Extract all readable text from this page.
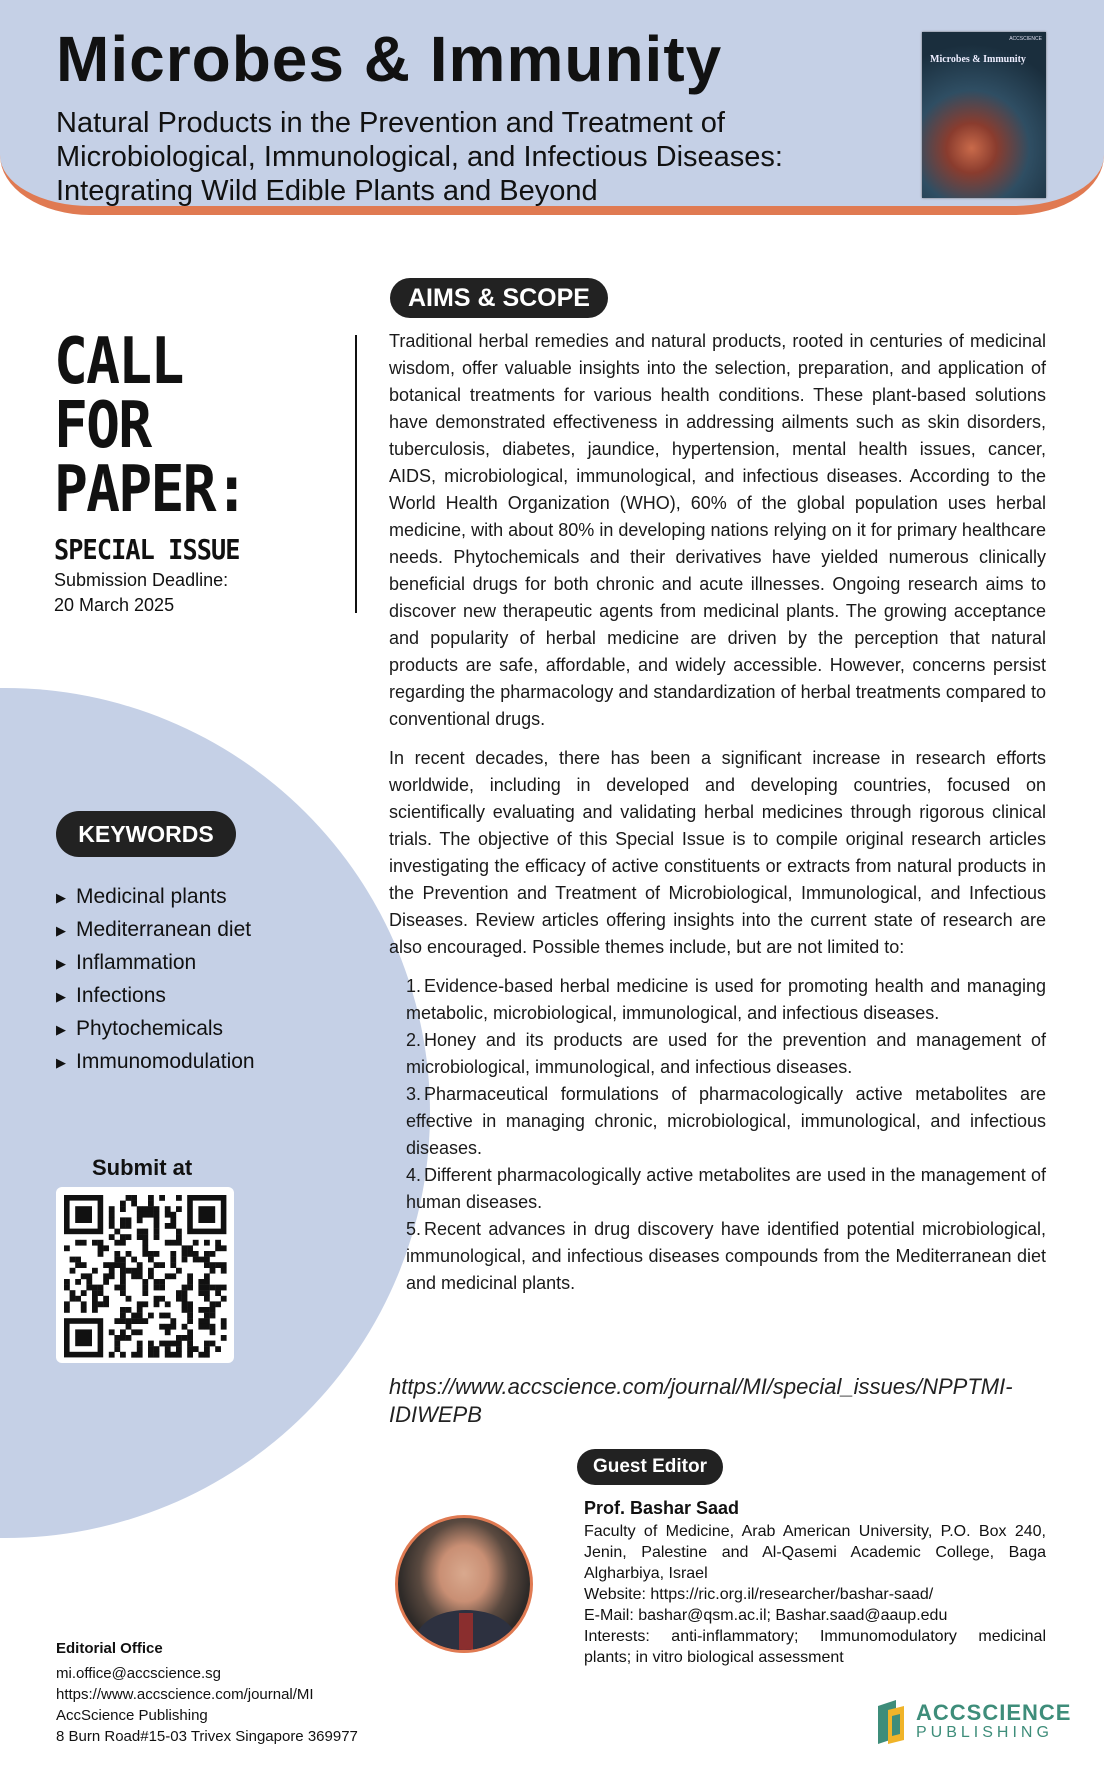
Microbes & Immunity
Natural Products in the Prevention and Treatment of Microbiological, Immunological, and Infectious Diseases: Integrating Wild Edible Plants and Beyond
ACCSCIENCE
Microbes & Immunity
CALL
FOR
PAPER:
SPECIAL ISSUE
Submission Deadline:
20 March 2025
KEYWORDS
▶ Medicinal plants
▶ Mediterranean diet
▶ Inflammation
▶ Infections
▶ Phytochemicals
▶ Immunomodulation
Submit at
AIMS & SCOPE

Traditional herbal remedies and natural products, rooted in centuries of medicinal wisdom, offer valuable insights into the selection, preparation, and application of botanical treatments for various health conditions. These plant-based solutions have demonstrated effectiveness in addressing ailments such as skin disorders, tuberculosis, diabetes, jaundice, hypertension, mental health issues, cancer, AIDS, microbiological, immunological, and infectious diseases. According to the World Health Organization (WHO), 60% of the global population uses herbal medicine, with about 80% in developing nations relying on it for primary healthcare needs. Phytochemicals and their derivatives have yielded numerous clinically beneficial drugs for both chronic and acute illnesses. Ongoing research aims to discover new therapeutic agents from medicinal plants. The growing acceptance and popularity of herbal medicine are driven by the perception that natural products are safe, affordable, and widely accessible. However, concerns persist regarding the pharmacology and standardization of herbal treatments compared to conventional drugs.

In recent decades, there has been a significant increase in research efforts worldwide, including in developed and developing countries, focused on scientifically evaluating and validating herbal medicines through rigorous clinical trials. The objective of this Special Issue is to compile original research articles investigating the efficacy of active constituents or extracts from natural products in the Prevention and Treatment of Microbiological, Immunological, and Infectious Diseases. Review articles offering insights into the current state of research are also encouraged. Possible themes include, but are not limited to:

1. Evidence-based herbal medicine is used for promoting health and managing metabolic, microbiological, immunological, and infectious diseases.
2. Honey and its products are used for the prevention and management of microbiological, immunological, and infectious diseases.
3. Pharmaceutical formulations of pharmacologically active metabolites are effective in managing chronic, microbiological, immunological, and infectious diseases.
4. Different pharmacologically active metabolites are used in the management of human diseases.
5. Recent advances in drug discovery have identified potential microbiological, immunological, and infectious diseases compounds from the Mediterranean diet and medicinal plants.
https://www.accscience.com/journal/MI/special_issues/NPPTMI-IDIWEPB
Guest Editor
Prof. Bashar Saad
Faculty of Medicine, Arab American University, P.O. Box 240, Jenin, Palestine and Al-Qasemi Academic College, Baga Algharbiya, Israel
Website: https://ric.org.il/researcher/bashar-saad/
E-Mail: bashar@qsm.ac.il; Bashar.saad@aaup.edu
Interests: anti-inflammatory; Immunomodulatory medicinal plants; in vitro biological assessment
Editorial Office
mi.office@accscience.sg
https://www.accscience.com/journal/MI
AccScience Publishing
8 Burn Road#15-03 Trivex Singapore 369977
ACCSCIENCE
PUBLISHING
